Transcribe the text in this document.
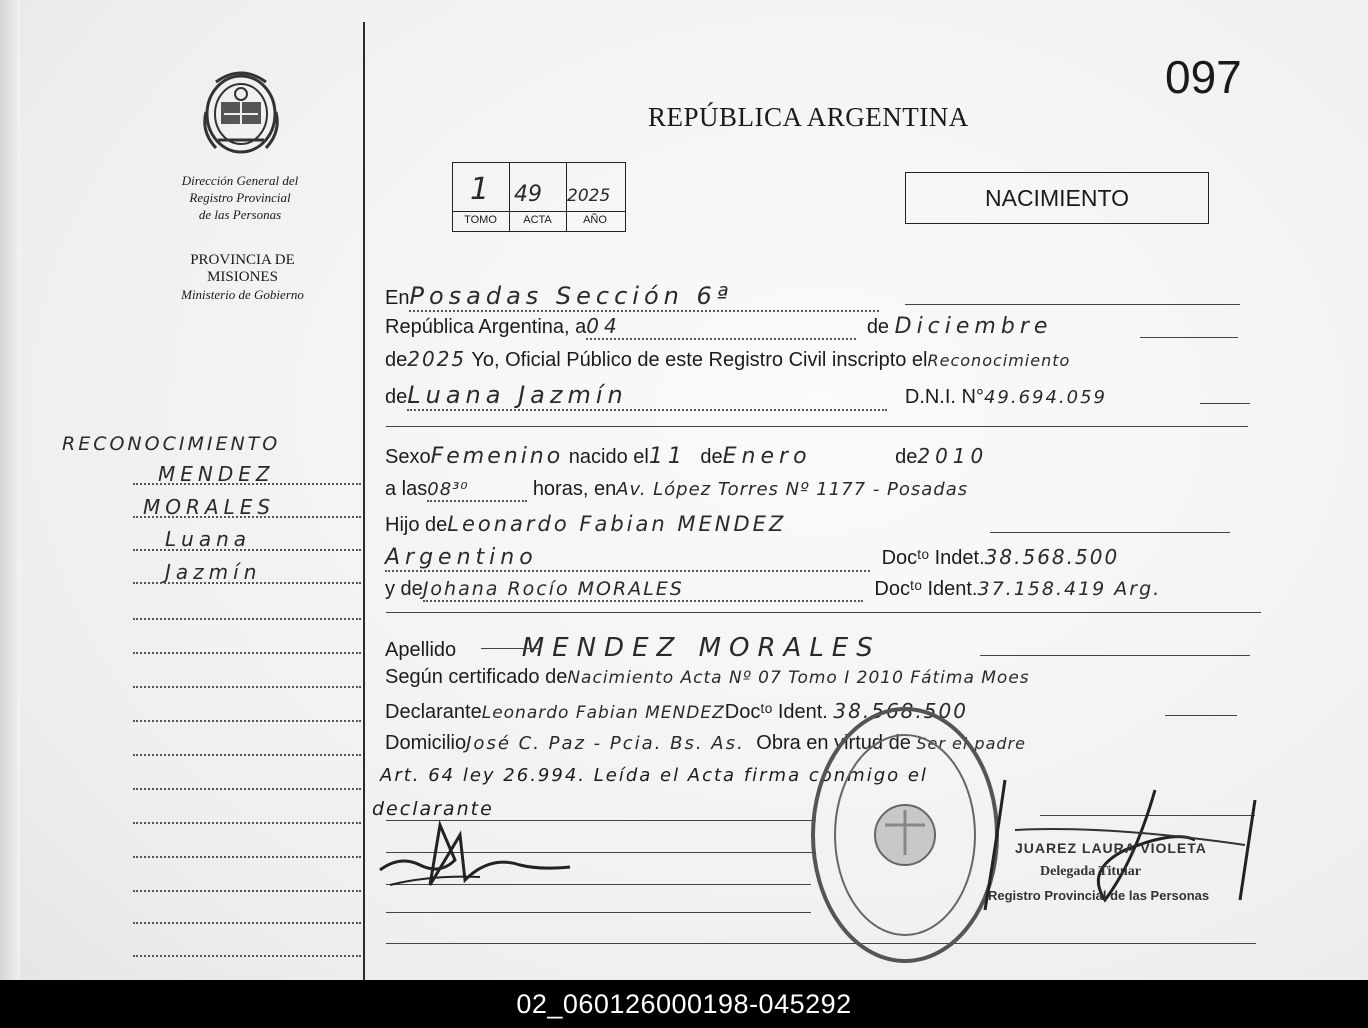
Dirección General del
Registro Provincial
de las Personas
PROVINCIA DE
MISIONES
Ministerio de Gobierno
RECONOCIMIENTO
MENDEZ
MORALES
Luana
Jazmín
097
REPÚBLICA ARGENTINA
1 49 2025
TOMO	ACTA	AÑO
NACIMIENTO
EnPosadas Sección 6ª
República Argentina, a04	de Diciembre
de2025 Yo, Oficial Público de este Registro Civil inscripto elReconocimiento
deLuana Jazmín	D.N.I. N°49.694.059
SexoFemenino nacido el11 deEnero	de2010
a las08³⁰	horas, enAv. López Torres Nº 1177 - Posadas
Hijo deLeonardo Fabian MENDEZ
Argentino	Docᵗᵒ Indet.38.568.500
y deJohana Rocío MORALES	Docᵗᵒ Ident.37.158.419 Arg.
Apellido	MENDEZ MORALES
Según certificado deNacimiento Acta Nº 07 Tomo I 2010 Fátima Moes
DeclaranteLeonardo Fabian MENDEZDocᵗᵒ Ident. 38.568.500
DomicilioJosé C. Paz - Pcia. Bs. As. Obra en virtud de Ser el padre
Art. 64 ley 26.994. Leída el Acta firma conmigo el
declarante
JUAREZ LAURA VIOLETA
Delegada Titular
Registro Provincial de las Personas
02_060126000198-045292
